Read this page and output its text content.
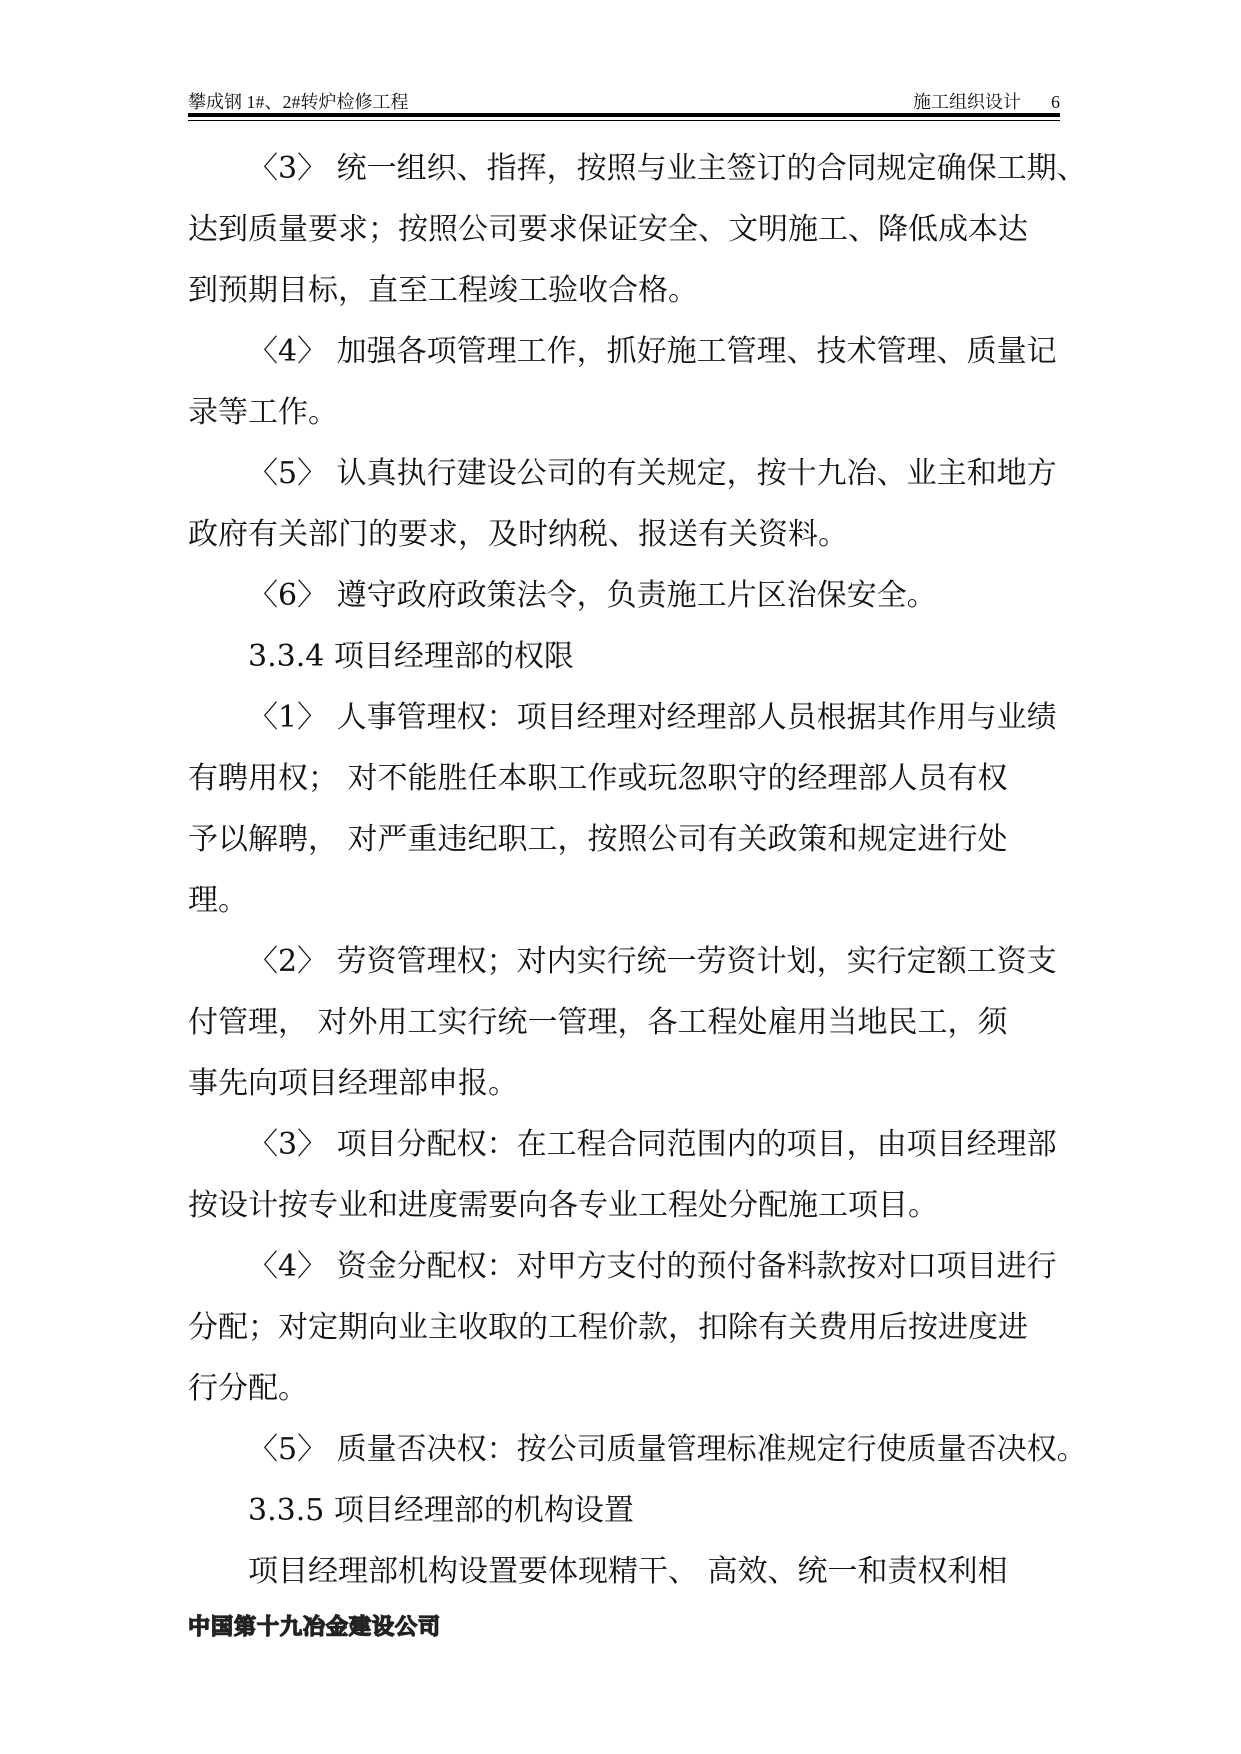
攀成钢 1#、2#转炉检修工程	施工组织设计 6

〈3〉 统一组织、指挥，按照与业主签订的合同规定确保工期、
达到质量要求；按照公司要求保证安全、文明施工、降低成本达
到预期目标，直至工程竣工验收合格。

〈4〉 加强各项管理工作，抓好施工管理、技术管理、质量记
录等工作。

〈5〉 认真执行建设公司的有关规定，按十九冶、业主和地方
政府有关部门的要求，及时纳税、报送有关资料。

〈6〉 遵守政府政策法令，负责施工片区治保安全。

3.3.4 项目经理部的权限

〈1〉 人事管理权：项目经理对经理部人员根据其作用与业绩
有聘用权； 对不能胜任本职工作或玩忽职守的经理部人员有权
予以解聘， 对严重违纪职工，按照公司有关政策和规定进行处
理。

〈2〉 劳资管理权；对内实行统一劳资计划，实行定额工资支
付管理， 对外用工实行统一管理，各工程处雇用当地民工，须
事先向项目经理部申报。

〈3〉 项目分配权：在工程合同范围内的项目，由项目经理部
按设计按专业和进度需要向各专业工程处分配施工项目。

〈4〉 资金分配权：对甲方支付的预付备料款按对口项目进行
分配；对定期向业主收取的工程价款，扣除有关费用后按进度进
行分配。

〈5〉 质量否决权：按公司质量管理标准规定行使质量否决权。

3.3.5 项目经理部的机构设置

项目经理部机构设置要体现精干、 高效、统一和责权利相

中国第十九冶金建设公司
